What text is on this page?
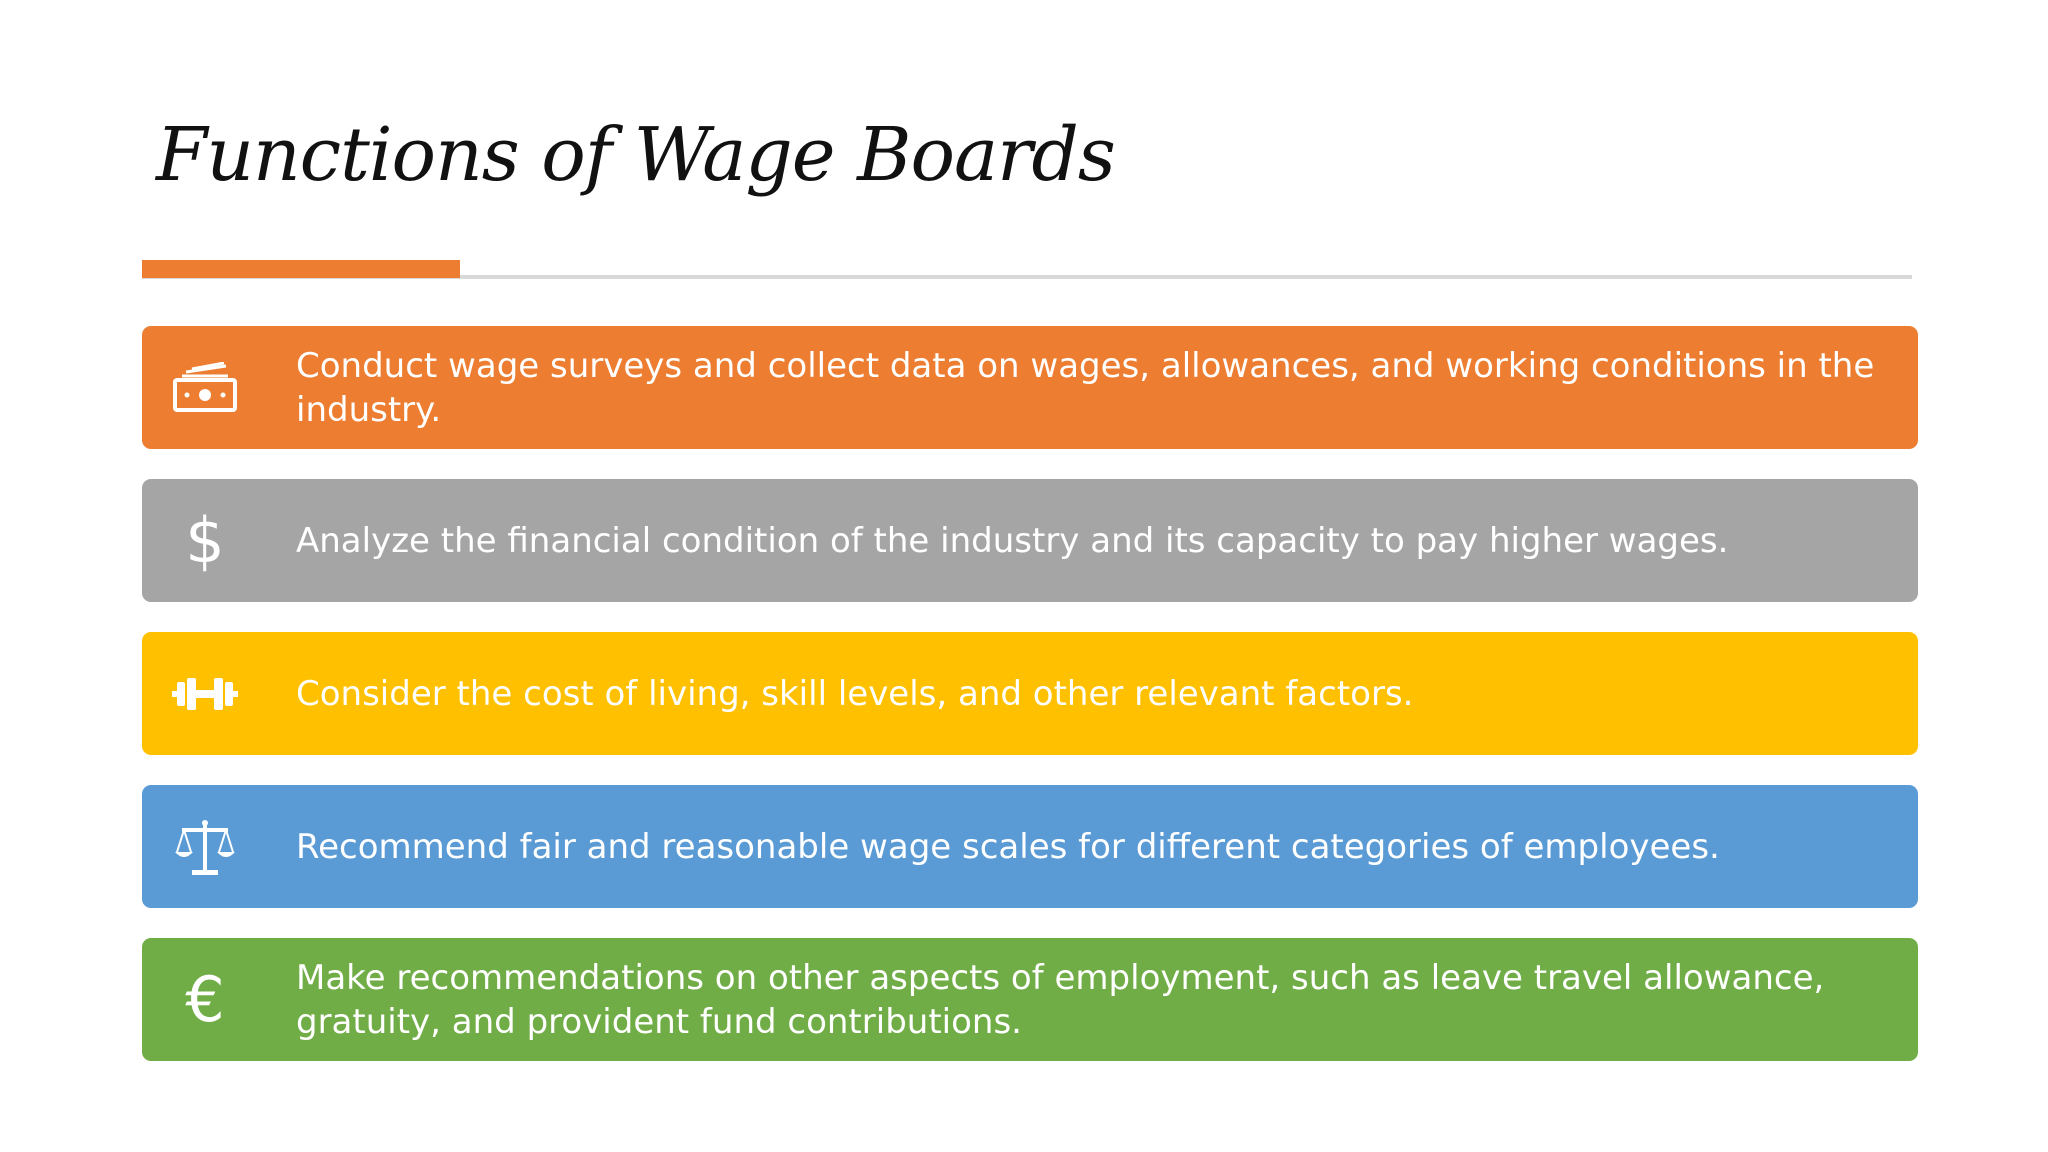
Functions of Wage Boards
Conduct wage surveys and collect data on wages, allowances, and working conditions in the industry.
$ Analyze the financial condition of the industry and its capacity to pay higher wages.
Consider the cost of living, skill levels, and other relevant factors.
Recommend fair and reasonable wage scales for different categories of employees.
€ Make recommendations on other aspects of employment, such as leave travel allowance, gratuity, and provident fund contributions.
